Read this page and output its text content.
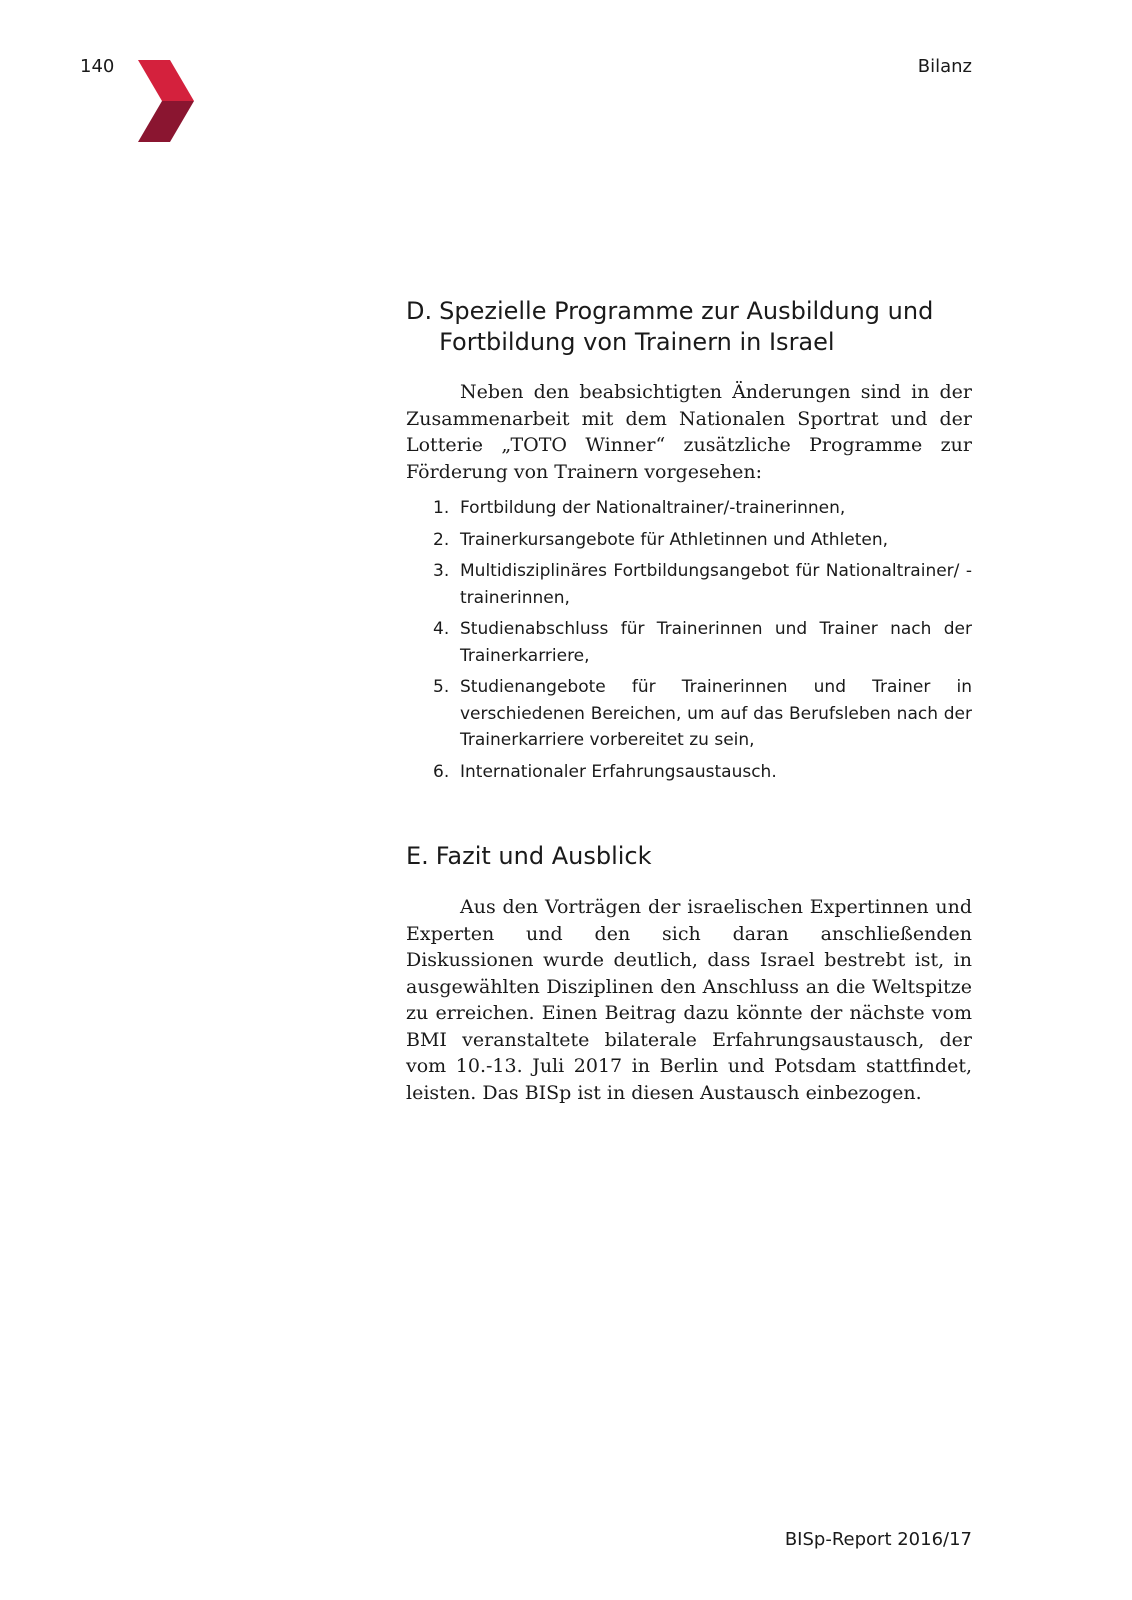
140	Bilanz
D. Spezielle Programme zur Ausbildung und Fortbildung von Trainern in Israel

Neben den beabsichtigten Änderungen sind in der Zusammenarbeit mit dem Nationalen Sportrat und der Lotterie „TOTO Winner“ zusätzliche Programme zur Förderung von Trainern vorgesehen:

1. Fortbildung der Nationaltrainer/-trainerinnen,
2. Trainerkursangebote für Athletinnen und Athleten,
3. Multidisziplinäres Fortbildungsangebot für Nationaltrainer/ -trainerinnen,
4. Studienabschluss für Trainerinnen und Trainer nach der Trainerkarriere,
5. Studienangebote für Trainerinnen und Trainer in verschiedenen Bereichen, um auf das Berufsleben nach der Trainerkarriere vorbereitet zu sein,
6. Internationaler Erfahrungsaustausch.
E. Fazit und Ausblick

Aus den Vorträgen der israelischen Expertinnen und Experten und den sich daran anschließenden Diskussionen wurde deutlich, dass Israel bestrebt ist, in ausgewählten Disziplinen den Anschluss an die Weltspitze zu erreichen. Einen Beitrag dazu könnte der nächste vom BMI veranstaltete bilaterale Erfahrungsaustausch, der vom 10.-13. Juli 2017 in Berlin und Potsdam stattfindet, leisten. Das BISp ist in diesen Austausch einbezogen.

BISp-Report 2016/17
